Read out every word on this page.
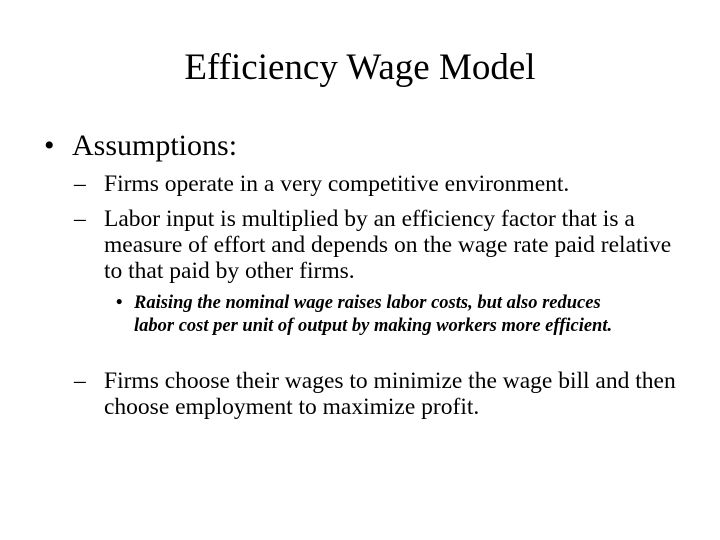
Efficiency Wage Model
• Assumptions:
– Firms operate in a very competitive environment.
– Labor input is multiplied by an efficiency factor that is a measure of effort and depends on the wage rate paid relative to that paid by other firms.
• Raising the nominal wage raises labor costs, but also reduces labor cost per unit of output by making workers more efficient.
– Firms choose their wages to minimize the wage bill and then choose employment to maximize profit.
